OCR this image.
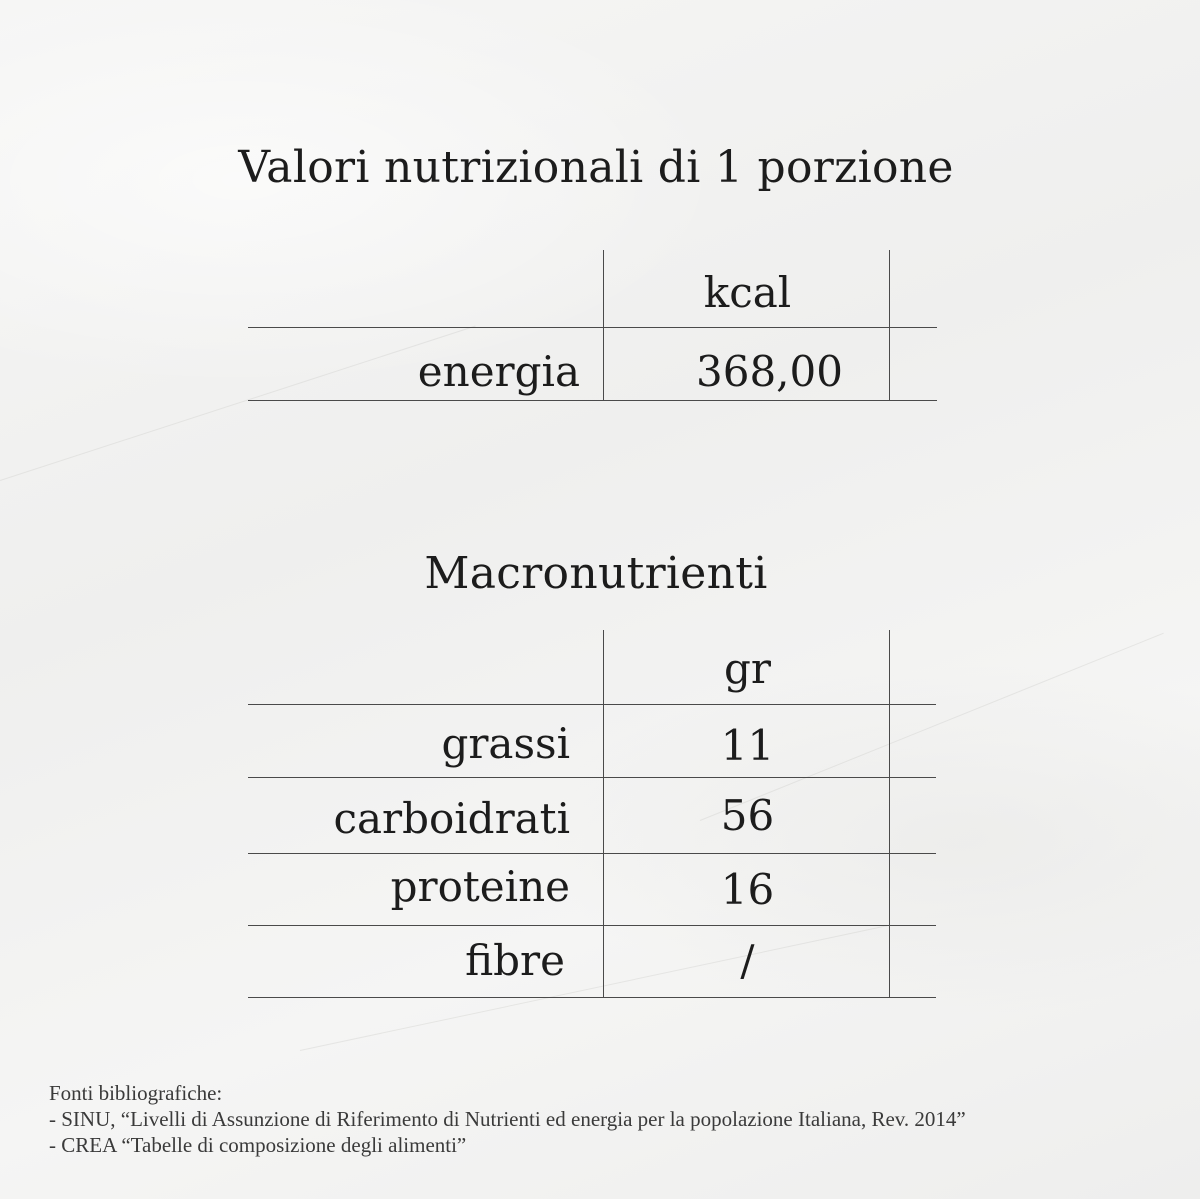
Valori nutrizionali di 1 porzione
kcal
energia	368,00
Macronutrienti
gr
grassi	11
carboidrati	56
proteine	16
fibre	/
Fonti bibliografiche:
- SINU, “Livelli di Assunzione di Riferimento di Nutrienti ed energia per la popolazione Italiana, Rev. 2014”
- CREA “Tabelle di composizione degli alimenti”
